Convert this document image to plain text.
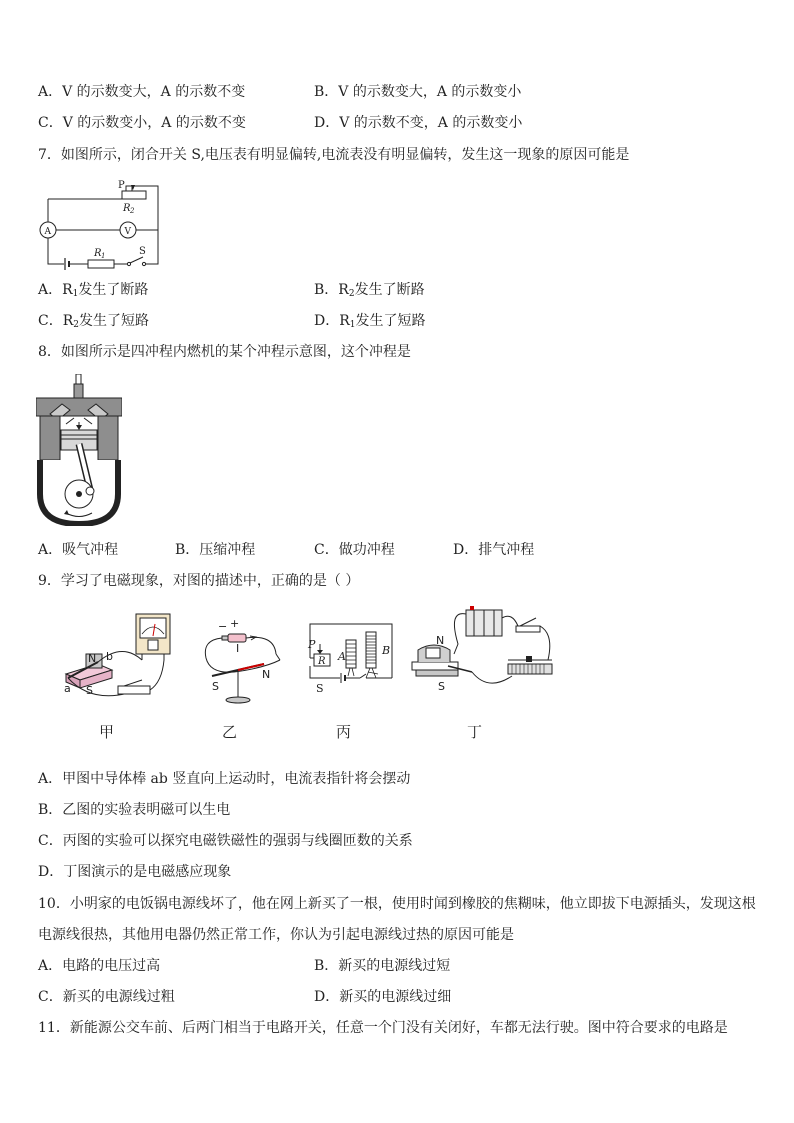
A．V 的示数变大，A 的示数不变	B．V 的示数变大，A 的示数变小
C．V 的示数变小，A 的示数不变	D．V 的示数不变，A 的示数变小
7．如图所示，闭合开关 S,电压表有明显偏转,电流表没有明显偏转，发生这一现象的原因可能是
P
R 2
A	V
R 1	S
A．$R_1$发生了断路	B．$R_2$发生了断路
C．$R_2$发生了短路	D．$R_1$发生了短路
8．如图所示是四冲程内燃机的某个冲程示意图，这个冲程是
A．吸气冲程	B．压缩冲程	C．做功冲程	D．排气冲程
9．学习了电磁现象，对图的描述中，正确的是（ ）
N b
a S
甲
− +
I
S
N
乙
P
R A	B
S
丙
N
S
丁
A．甲图中导体棒 ab 竖直向上运动时，电流表指针将会摆动
B．乙图的实验表明磁可以生电
C．丙图的实验可以探究电磁铁磁性的强弱与线圈匝数的关系
D．丁图演示的是电磁感应现象
10．小明家的电饭锅电源线坏了，他在网上新买了一根，使用时闻到橡胶的焦糊味，他立即拔下电源插头，发现这根
电源线很热，其他用电器仍然正常工作，你认为引起电源线过热的原因可能是
A．电路的电压过高	B．新买的电源线过短
C．新买的电源线过粗	D．新买的电源线过细
11．新能源公交车前、后两门相当于电路开关，任意一个门没有关闭好，车都无法行驶。图中符合要求的电路是
